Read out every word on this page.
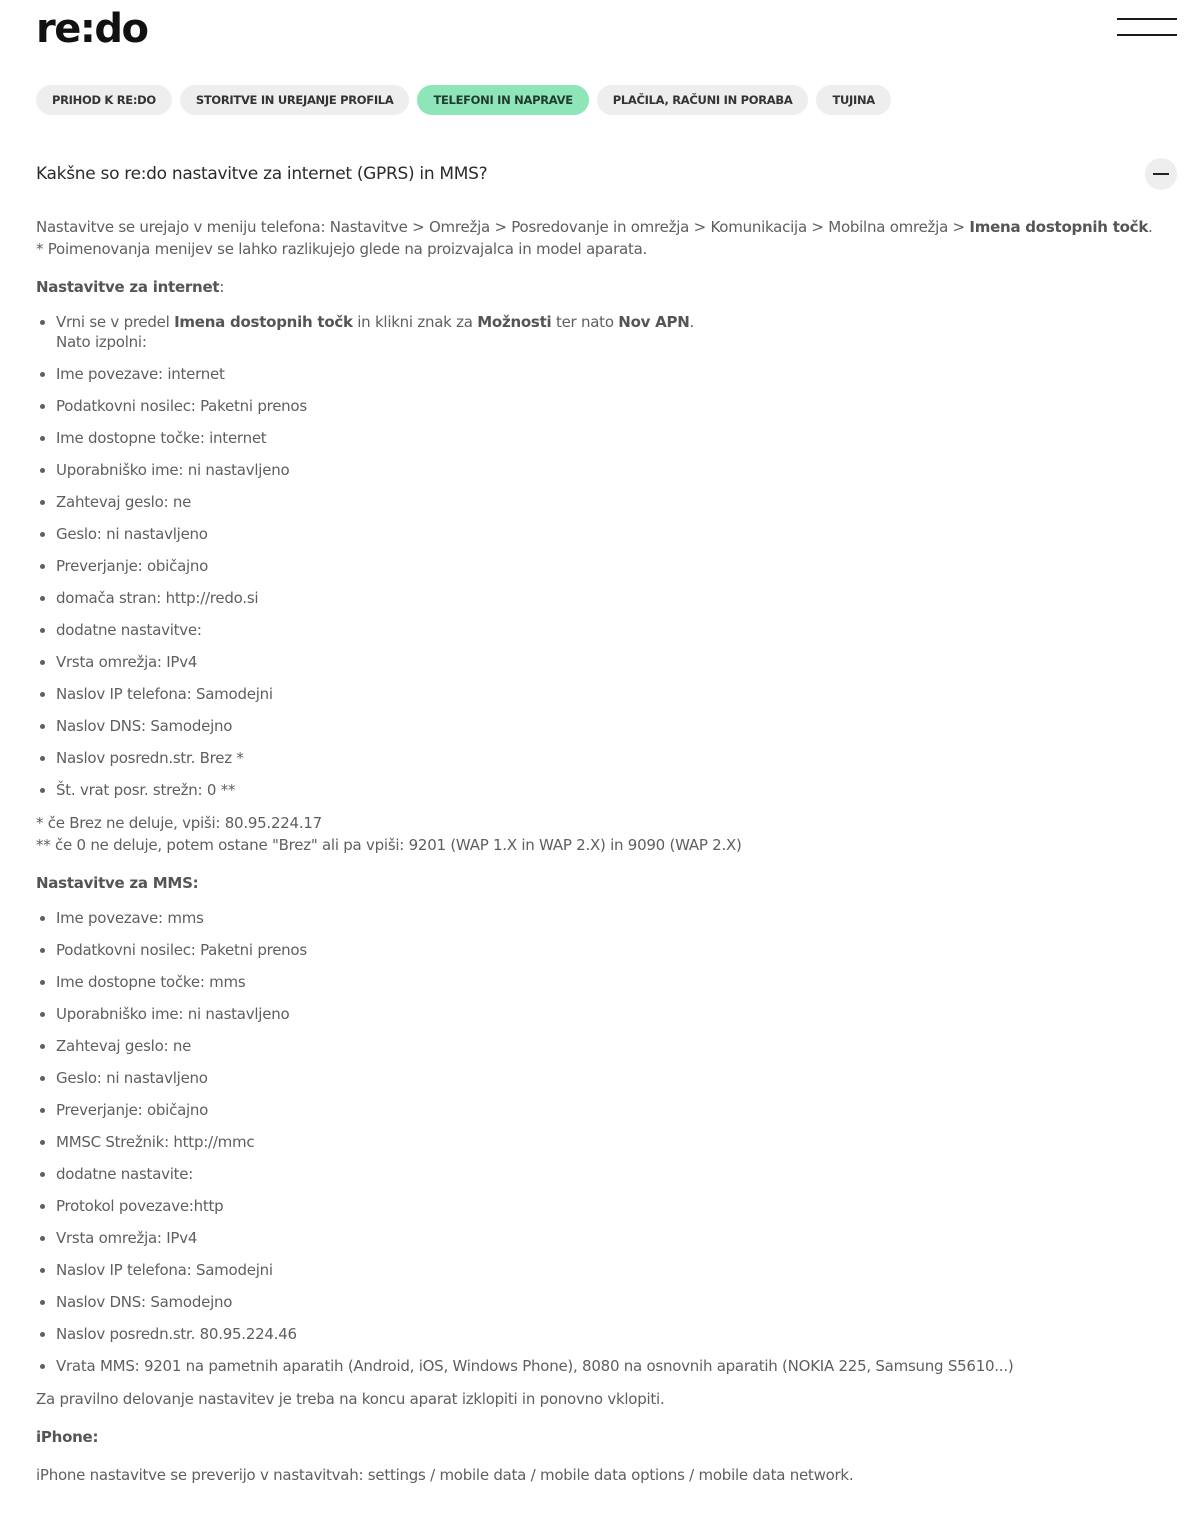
re:do
PRIHOD K RE:DO	STORITVE IN UREJANJE PROFILA	TELEFONI IN NAPRAVE	PLAČILA, RAČUNI IN PORABA	TUJINA
Kakšne so re:do nastavitve za internet (GPRS) in MMS?

Nastavitve se urejajo v meniju telefona: Nastavitve > Omrežja > Posredovanje in omrežja > Komunikacija > Mobilna omrežja > Imena dostopnih točk.
* Poimenovanja menijev se lahko razlikujejo glede na proizvajalca in model aparata.

Nastavitve za internet:

Vrni se v predel Imena dostopnih točk in klikni znak za Možnosti ter nato Nov APN.
Nato izpolni:
Ime povezave: internet
Podatkovni nosilec: Paketni prenos
Ime dostopne točke: internet
Uporabniško ime: ni nastavljeno
Zahtevaj geslo: ne
Geslo: ni nastavljeno
Preverjanje: običajno
domača stran: http://redo.si
dodatne nastavitve:
Vrsta omrežja: IPv4
Naslov IP telefona: Samodejni
Naslov DNS: Samodejno
Naslov posredn.str. Brez *
Št. vrat posr. strežn: 0 **

* če Brez ne deluje, vpiši: 80.95.224.17
** če 0 ne deluje, potem ostane "Brez" ali pa vpiši: 9201 (WAP 1.X in WAP 2.X) in 9090 (WAP 2.X)

Nastavitve za MMS:

Ime povezave: mms
Podatkovni nosilec: Paketni prenos
Ime dostopne točke: mms
Uporabniško ime: ni nastavljeno
Zahtevaj geslo: ne
Geslo: ni nastavljeno
Preverjanje: običajno
MMSC Strežnik: http://mmc
dodatne nastavite:
Protokol povezave:http
Vrsta omrežja: IPv4
Naslov IP telefona: Samodejni
Naslov DNS: Samodejno
Naslov posredn.str. 80.95.224.46
Vrata MMS: 9201 na pametnih aparatih (Android, iOS, Windows Phone), 8080 na osnovnih aparatih (NOKIA 225, Samsung S5610...)

Za pravilno delovanje nastavitev je treba na koncu aparat izklopiti in ponovno vklopiti.

iPhone:

iPhone nastavitve se preverijo v nastavitvah: settings / mobile data / mobile data options / mobile data network.
